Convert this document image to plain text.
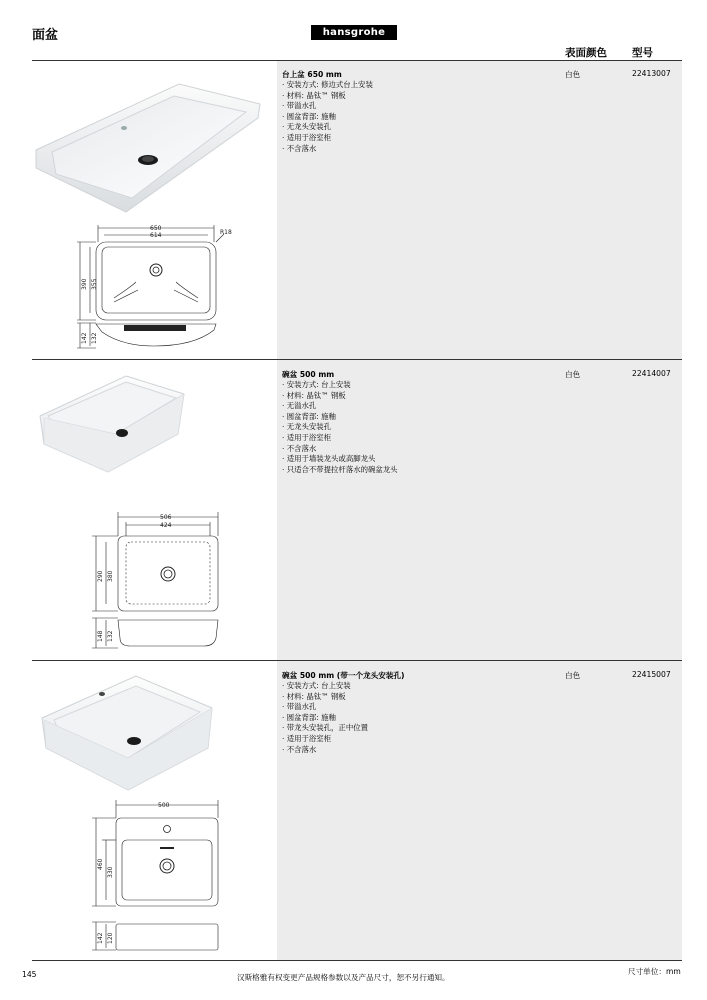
面盆	hansgrohe
表面颜色 型号
台上盆 650 mm
· 安装方式: 修边式台上安装
· 材料: 晶钛™ 钢板
· 带溢水孔
· 圆盆背部: 施釉
· 无龙头安装孔
· 适用于浴室柜
· 不含落水
白色	22413007
650
614	R18
390 355
142 132
碗盆 500 mm
· 安装方式: 台上安装
· 材料: 晶钛™ 钢板
· 无溢水孔
· 圆盆背部: 施釉
· 无龙头安装孔
· 适用于浴室柜
· 不含落水
· 适用于墙装龙头或高脚龙头
· 只适合不带提拉杆落水的碗盆龙头
白色	22414007
506
424
290 380
148 132
碗盆 500 mm (带一个龙头安装孔)
· 安装方式: 台上安装
· 材料: 晶钛™ 钢板
· 带溢水孔
· 圆盆背部: 施釉
· 带龙头安装孔，正中位置
· 适用于浴室柜
· 不含落水
白色	22415007
500
460
330
142 120
145	汉斯格雅有权变更产品规格参数以及产品尺寸，恕不另行通知。
尺寸单位：mm
